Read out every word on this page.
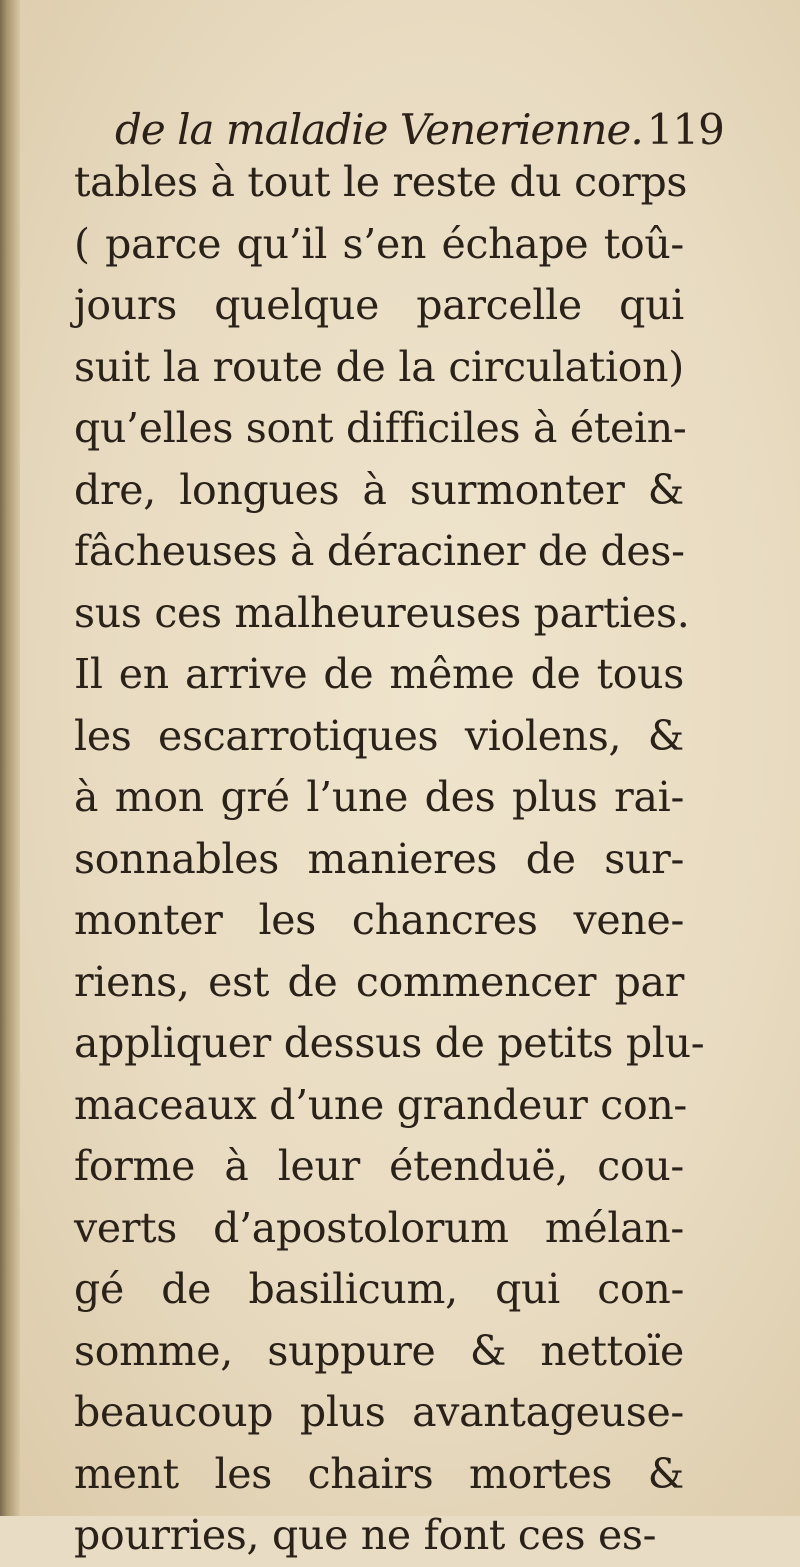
de la maladie Venerienne.119
tables à tout le reste du corps
( parce qu’il s’en échape toû-
jours quelque parcelle qui
suit la route de la circulation)
qu’elles sont difficiles à étein-
dre, longues à surmonter &
fâcheuses à déraciner de des-
sus ces malheureuses parties.
Il en arrive de même de tous
les escarrotiques violens, &
à mon gré l’une des plus rai-
sonnables manieres de sur-
monter les chancres vene-
riens, est de commencer par
appliquer dessus de petits plu-
maceaux d’une grandeur con-
forme à leur étenduë, cou-
verts d’apostolorum mélan-
gé de basilicum, qui con-
somme, suppure & nettoïe
beaucoup plus avantageuse-
ment les chairs mortes &
pourries, que ne font ces es-
